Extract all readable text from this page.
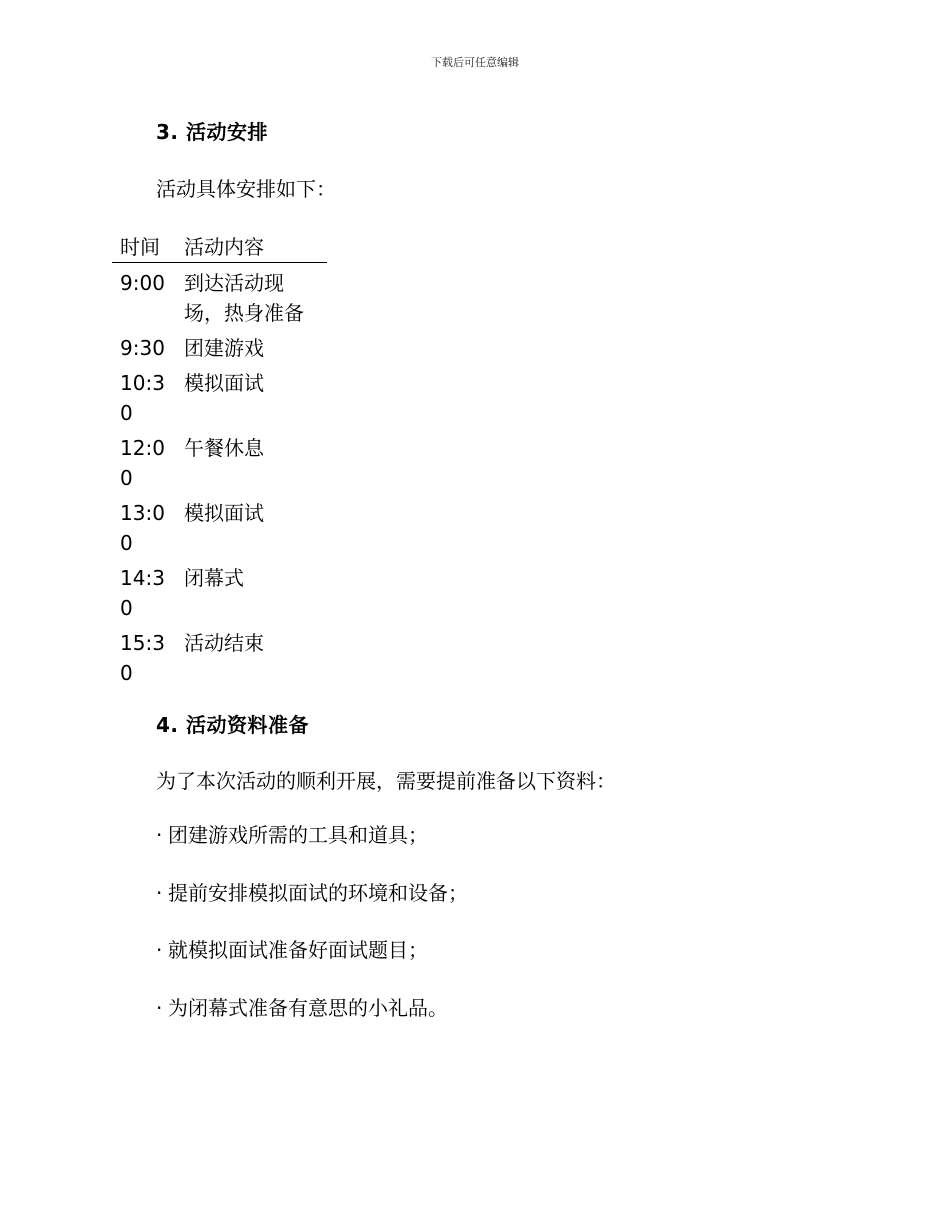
下载后可任意编辑
3. 活动安排
活动具体安排如下：
时间	活动内容
9:00 到达活动现场，热身准备
9:30 团建游戏
10:30
模拟面试
12:00
午餐休息
13:00
模拟面试
14:30
闭幕式
15:30
活动结束
4. 活动资料准备
为了本次活动的顺利开展，需要提前准备以下资料：
· 团建游戏所需的工具和道具；
· 提前安排模拟面试的环境和设备；
· 就模拟面试准备好面试题目；
· 为闭幕式准备有意思的小礼品。
